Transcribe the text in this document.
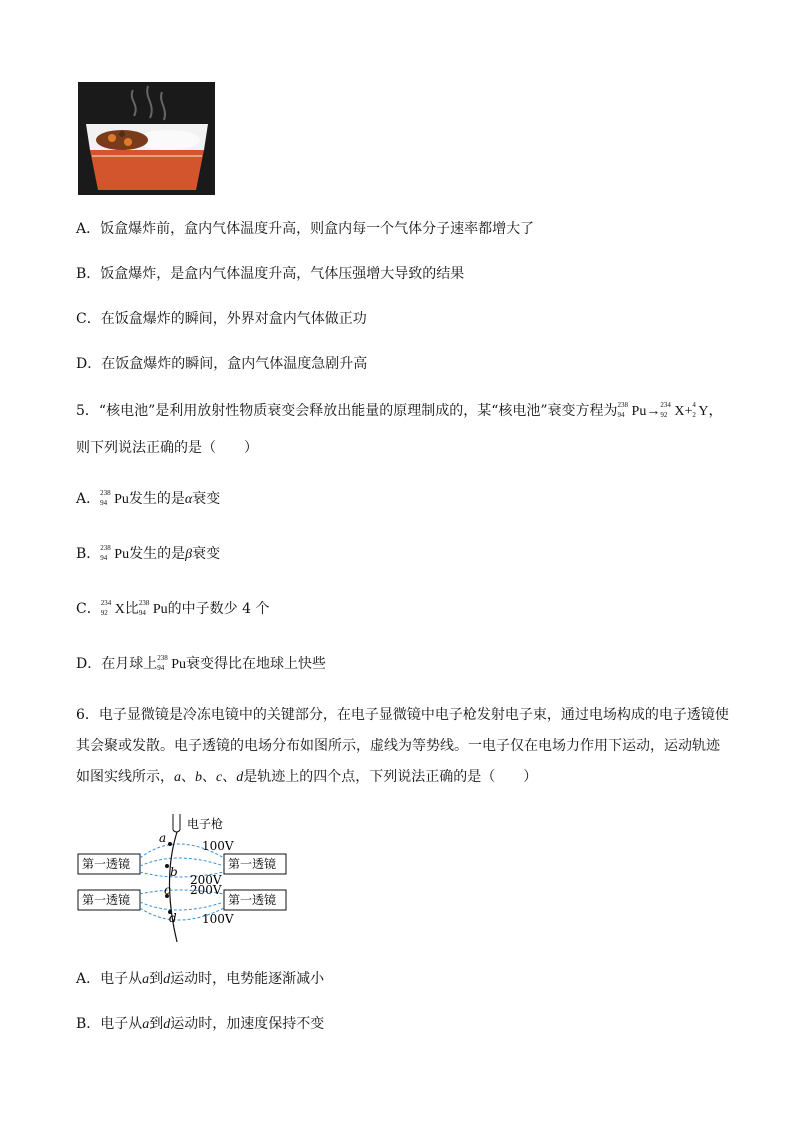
A．饭盒爆炸前，盒内气体温度升高，则盒内每一个气体分子速率都增大了
B．饭盒爆炸，是盒内气体温度升高，气体压强增大导致的结果
C．在饭盒爆炸的瞬间，外界对盒内气体做正功
D．在饭盒爆炸的瞬间，盒内气体温度急剧升高
5．“核电池”是利用放射性物质衰变会释放出能量的原理制成的，某“核电池”衰变方程为 238
94 Pu→ 234
92 X+ 4
2 Y，
则下列说法正确的是（　　）
A． 238
94 Pu发生的是α衰变
B． 238
94 Pu发生的是β衰变
C． 234
92 X比 238
94 Pu的中子数少 4 个
D．在月球上 238
94 Pu衰变得比在地球上快些
6．电子显微镜是冷冻电镜中的关键部分，在电子显微镜中电子枪发射电子束，通过电场构成的电子透镜使
其会聚或发散。电子透镜的电场分布如图所示，虚线为等势线。一电子仅在电场力作用下运动，运动轨迹
如图实线所示，a、b、c、d是轨迹上的四个点，下列说法正确的是（　　）
电子枪
第一透镜	第一透镜
第一透镜	第一透镜
a
b
c
d
100V
200V
200V
100V
A．电子从a到d运动时，电势能逐渐减小
B．电子从a到d运动时，加速度保持不变
